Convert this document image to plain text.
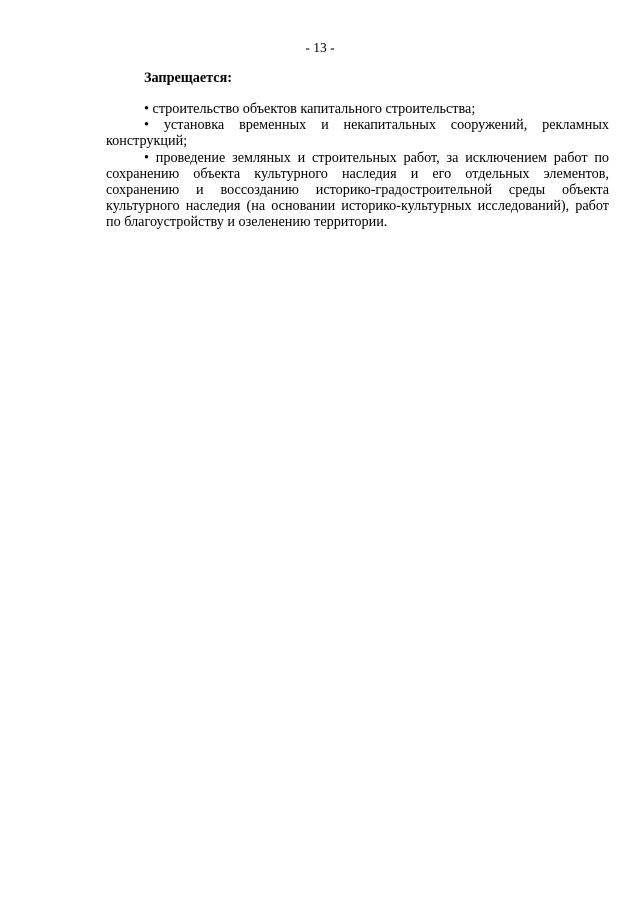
- 13 -

Запрещается:

• строительство объектов капитального строительства;

• установка временных и некапитальных сооружений, рекламных конструкций;

• проведение земляных и строительных работ, за исключением работ по сохранению объекта культурного наследия и его отдельных элементов, сохранению и воссозданию историко-градостроительной среды объекта культурного наследия (на основании историко-культурных исследований), работ по благоустройству и озеленению территории.
